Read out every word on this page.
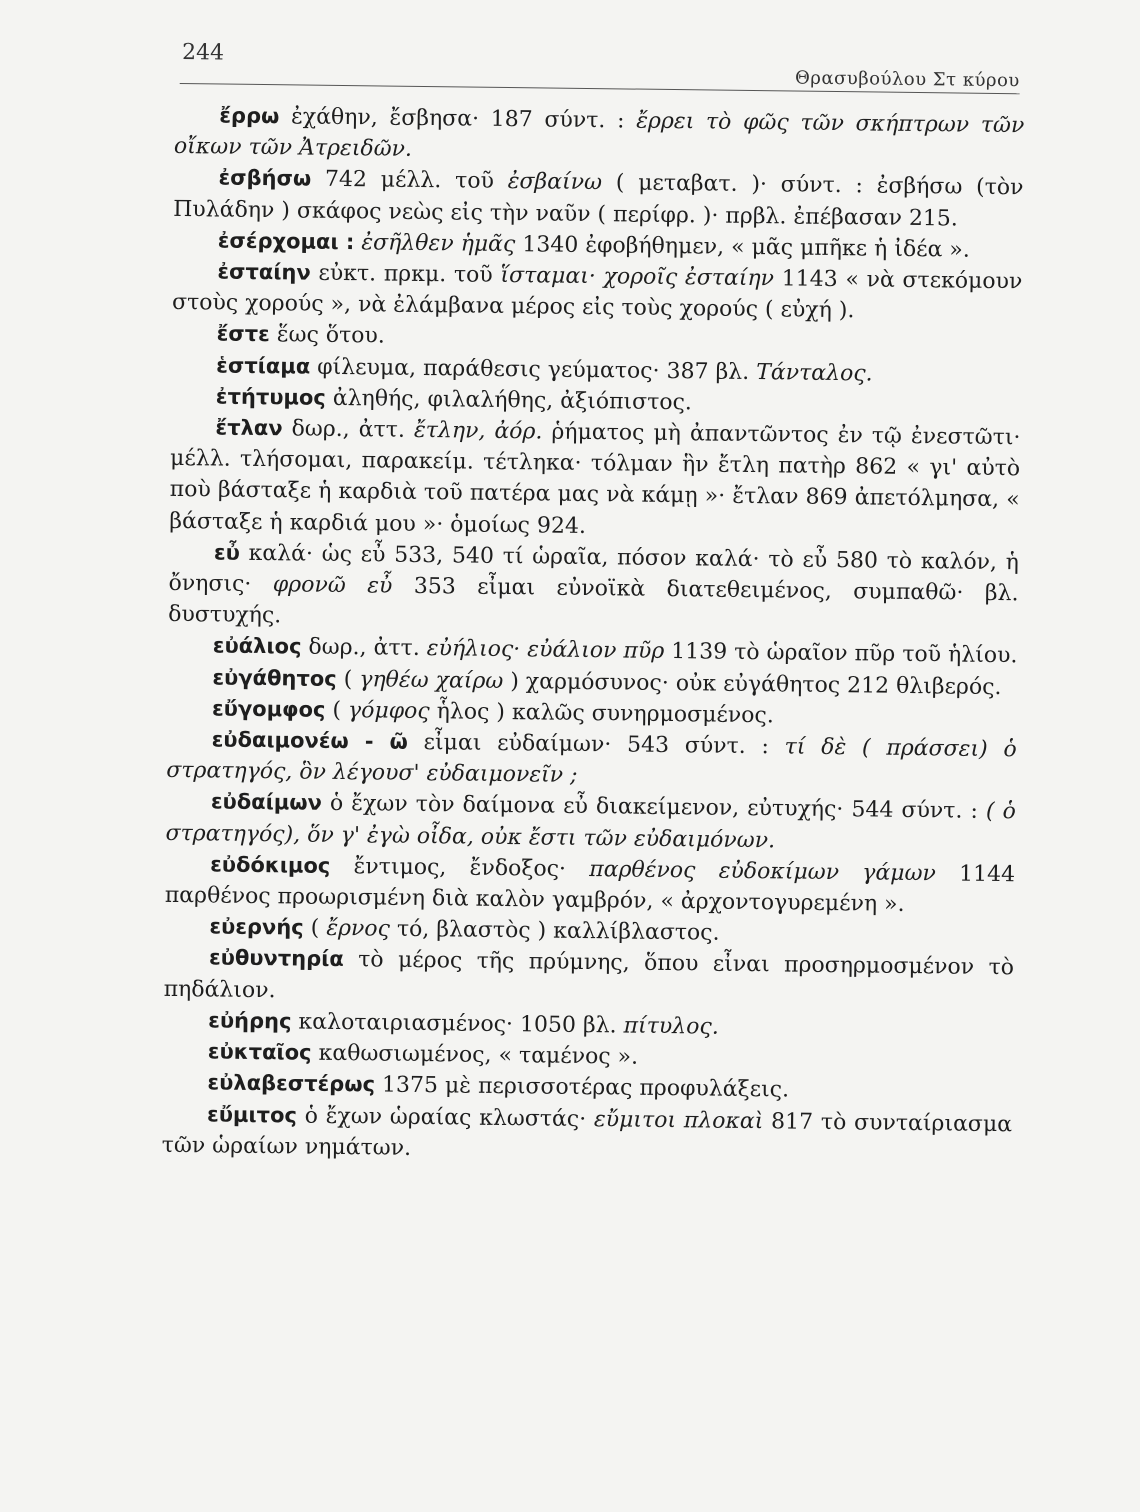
244
Θρασυβούλου Στ κύρου

ἔρρω ἐχάθην, ἔσβησα· 187 σύντ. : ἔρρει τὸ φῶς τῶν σκήπτρων τῶν οἴκων τῶν Ἀτρειδῶν.

ἐσβήσω 742 μέλλ. τοῦ ἐσβαίνω ( μεταβατ. )· σύντ. : ἐσβήσω (τὸν Πυλάδην ) σκάφος νεὼς εἰς τὴν ναῦν ( περίφρ. )· πρβλ. ἐπέβασαν 215.

ἐσέρχομαι : ἐσῆλθεν ἡμᾶς 1340 ἐφοβήθημεν, « μᾶς μπῆκε ἡ ἰδέα ».

ἐσταίην εὐκτ. πρκμ. τοῦ ἵσταμαι· χοροῖς ἐσταίην 1143 « νὰ στεκόμουν στοὺς χορούς », νὰ ἐλάμβανα μέρος εἰς τοὺς χορούς ( εὐχή ).

ἔστε ἕως ὅτου.

ἑστίαμα φίλευμα, παράθεσις γεύματος· 387 βλ. Τάνταλος.

ἐτήτυμος ἀληθής, φιλαλήθης, ἀξιόπιστος.

ἔτλαν δωρ., ἀττ. ἔτλην, ἀόρ. ῥήματος μὴ ἀπαντῶντος ἐν τῷ ἐνεστῶτι· μέλλ. τλήσομαι, παρακείμ. τέτληκα· τόλμαν ἣν ἔτλη πατὴρ 862 « γι' αὐτὸ ποὺ βάσταξε ἡ καρδιὰ τοῦ πατέρα μας νὰ κάμῃ »· ἔτλαν 869 ἀπετόλμησα, « βάσταξε ἡ καρδιά μου »· ὁμοίως 924.

εὖ καλά· ὡς εὖ 533, 540 τί ὡραῖα, πόσον καλά· τὸ εὖ 580 τὸ καλόν, ἡ ὄνησις· φρονῶ εὖ 353 εἶμαι εὐνοϊκὰ διατεθειμένος, συμπαθῶ· βλ. δυστυχής.

εὐάλιος δωρ., ἀττ. εὐήλιος· εὐάλιον πῦρ 1139 τὸ ὡραῖον πῦρ τοῦ ἡλίου.

εὐγάθητος ( γηθέω χαίρω ) χαρμόσυνος· οὐκ εὐγάθητος 212 θλιβερός.

εὔγομφος ( γόμφος ἧλος ) καλῶς συνηρμοσμένος.

εὐδαιμονέω - ῶ εἶμαι εὐδαίμων· 543 σύντ. : τί δὲ ( πράσσει) ὁ στρατηγός, ὃν λέγουσ' εὐδαιμονεῖν ;

εὐδαίμων ὁ ἔχων τὸν δαίμονα εὖ διακείμενον, εὐτυχής· 544 σύντ. : ( ὁ στρατηγός), ὅν γ' ἐγὼ οἶδα, οὐκ ἔστι τῶν εὐδαιμόνων.

εὐδόκιμος ἔντιμος, ἔνδοξος· παρθένος εὐδοκίμων γάμων 1144 παρθένος προωρισμένη διὰ καλὸν γαμβρόν, « ἀρχοντογυρεμένη ».

εὐερνής ( ἔρνος τό, βλαστὸς ) καλλίβλαστος.

εὐθυντηρία τὸ μέρος τῆς πρύμνης, ὅπου εἶναι προσηρμοσμένον τὸ πηδάλιον.

εὐήρης καλοταιριασμένος· 1050 βλ. πίτυλος.

εὐκταῖος καθωσιωμένος, « ταμένος ».

εὐλαβεστέρως 1375 μὲ περισσοτέρας προφυλάξεις.

εὔμιτος ὁ ἔχων ὡραίας κλωστάς· εὔμιτοι πλοκαὶ 817 τὸ συνταίριασμα τῶν ὡραίων νημάτων.
